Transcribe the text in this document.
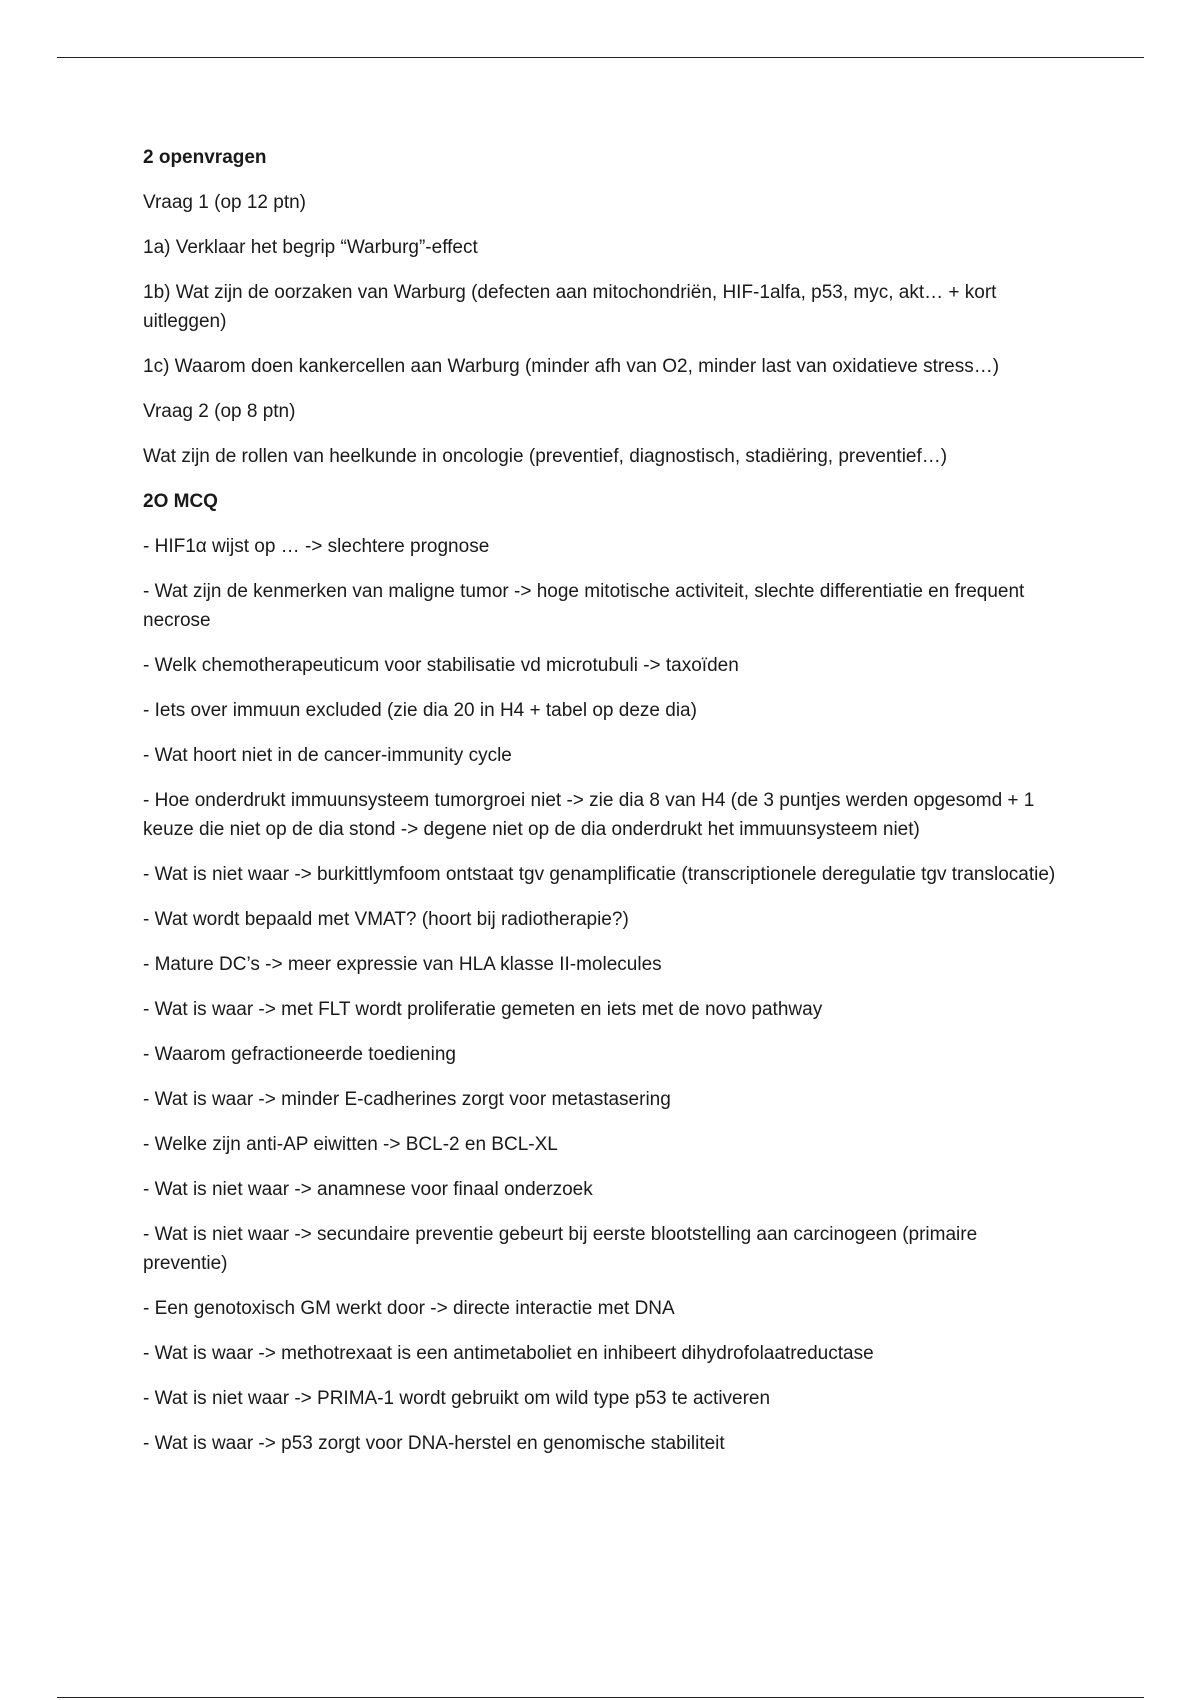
2 openvragen

Vraag 1 (op 12 ptn)

1a) Verklaar het begrip “Warburg”-effect

1b) Wat zijn de oorzaken van Warburg (defecten aan mitochondriën, HIF-1alfa, p53, myc, akt… + kort uitleggen)

1c) Waarom doen kankercellen aan Warburg (minder afh van O2, minder last van oxidatieve stress…)

Vraag 2 (op 8 ptn)

Wat zijn de rollen van heelkunde in oncologie (preventief, diagnostisch, stadiëring, preventief…)

2O MCQ

- HIF1α wijst op … -> slechtere prognose

- Wat zijn de kenmerken van maligne tumor -> hoge mitotische activiteit, slechte differentiatie en frequent necrose

- Welk chemotherapeuticum voor stabilisatie vd microtubuli -> taxoïden

- Iets over immuun excluded (zie dia 20 in H4 + tabel op deze dia)

- Wat hoort niet in de cancer-immunity cycle

- Hoe onderdrukt immuunsysteem tumorgroei niet -> zie dia 8 van H4 (de 3 puntjes werden opgesomd + 1 keuze die niet op de dia stond -> degene niet op de dia onderdrukt het immuunsysteem niet)

- Wat is niet waar -> burkittlymfoom ontstaat tgv genamplificatie (transcriptionele deregulatie tgv translocatie)

- Wat wordt bepaald met VMAT? (hoort bij radiotherapie?)

- Mature DC’s -> meer expressie van HLA klasse II-molecules

- Wat is waar -> met FLT wordt proliferatie gemeten en iets met de novo pathway

- Waarom gefractioneerde toediening

- Wat is waar -> minder E-cadherines zorgt voor metastasering

- Welke zijn anti-AP eiwitten -> BCL-2 en BCL-XL

- Wat is niet waar -> anamnese voor finaal onderzoek

- Wat is niet waar -> secundaire preventie gebeurt bij eerste blootstelling aan carcinogeen (primaire preventie)

- Een genotoxisch GM werkt door -> directe interactie met DNA

- Wat is waar -> methotrexaat is een antimetaboliet en inhibeert dihydrofolaatreductase

- Wat is niet waar -> PRIMA-1 wordt gebruikt om wild type p53 te activeren

- Wat is waar -> p53 zorgt voor DNA-herstel en genomische stabiliteit
